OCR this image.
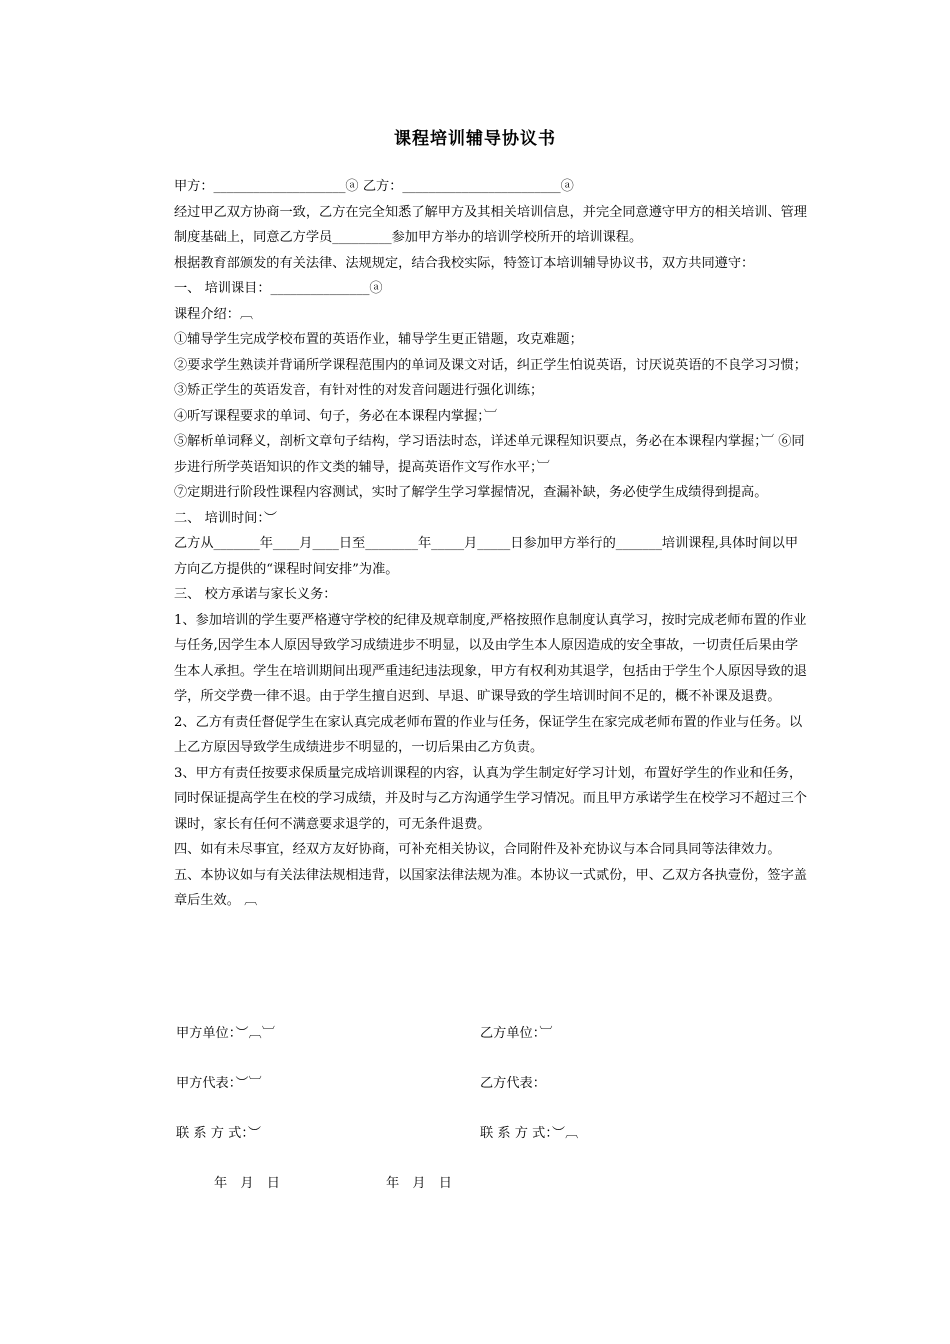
课程培训辅导协议书

甲方：____________________ⓐ 乙方：________________________ⓐ

经过甲乙双方协商一致，乙方在完全知悉了解甲方及其相关培训信息，并完全同意遵守甲方的相关培训、管理制度基础上，同意乙方学员_________参加甲方举办的培训学校所开的培训课程。

根据教育部颁发的有关法律、法规规定，结合我校实际，特签订本培训辅导协议书，双方共同遵守：

一、 培训课目：_______________ⓐ

课程介绍：︹

①辅导学生完成学校布置的英语作业，辅导学生更正错题，攻克难题；

②要求学生熟读并背诵所学课程范围内的单词及课文对话，纠正学生怕说英语，讨厌说英语的不良学习习惯；

③矫正学生的英语发音，有针对性的对发音问题进行强化训练；

④听写课程要求的单词、句子，务必在本课程内掌握；︺

⑤解析单词释义，剖析文章句子结构，学习语法时态，详述单元课程知识要点，务必在本课程内掌握；︺ ⑥同步进行所学英语知识的作文类的辅导，提高英语作文写作水平；︺

⑦定期进行阶段性课程内容测试，实时了解学生学习掌握情况，查漏补缺，务必使学生成绩得到提高。

二、 培训时间：︶

乙方从_______年____月____日至________年_____月_____日参加甲方举行的_______培训课程,具体时间以甲方向乙方提供的“课程时间安排”为准。

三、 校方承诺与家长义务：

1、参加培训的学生要严格遵守学校的纪律及规章制度,严格按照作息制度认真学习，按时完成老师布置的作业与任务,因学生本人原因导致学习成绩进步不明显，以及由学生本人原因造成的安全事故，一切责任后果由学生本人承担。学生在培训期间出现严重违纪违法现象，甲方有权利劝其退学，包括由于学生个人原因导致的退学，所交学费一律不退。由于学生擅自迟到、早退、旷课导致的学生培训时间不足的，概不补课及退费。

2、乙方有责任督促学生在家认真完成老师布置的作业与任务，保证学生在家完成老师布置的作业与任务。以上乙方原因导致学生成绩进步不明显的，一切后果由乙方负责。

3、甲方有责任按要求保质量完成培训课程的内容，认真为学生制定好学习计划，布置好学生的作业和任务，同时保证提高学生在校的学习成绩，并及时与乙方沟通学生学习情况。而且甲方承诺学生在校学习不超过三个课时，家长有任何不满意要求退学的，可无条件退费。

四、如有未尽事宜，经双方友好协商，可补充相关协议，合同附件及补充协议与本合同具同等法律效力。

五、本协议如与有关法律法规相违背，以国家法律法规为准。本协议一式贰份，甲、乙双方各执壹份，签字盖章后生效。 ︹

甲方单位：︶︹︺	乙方单位：︺
甲方代表：︶︺	乙方代表：
联 系 方 式：︶	联 系 方 式：︶︹
年　月　日	年　月　日
